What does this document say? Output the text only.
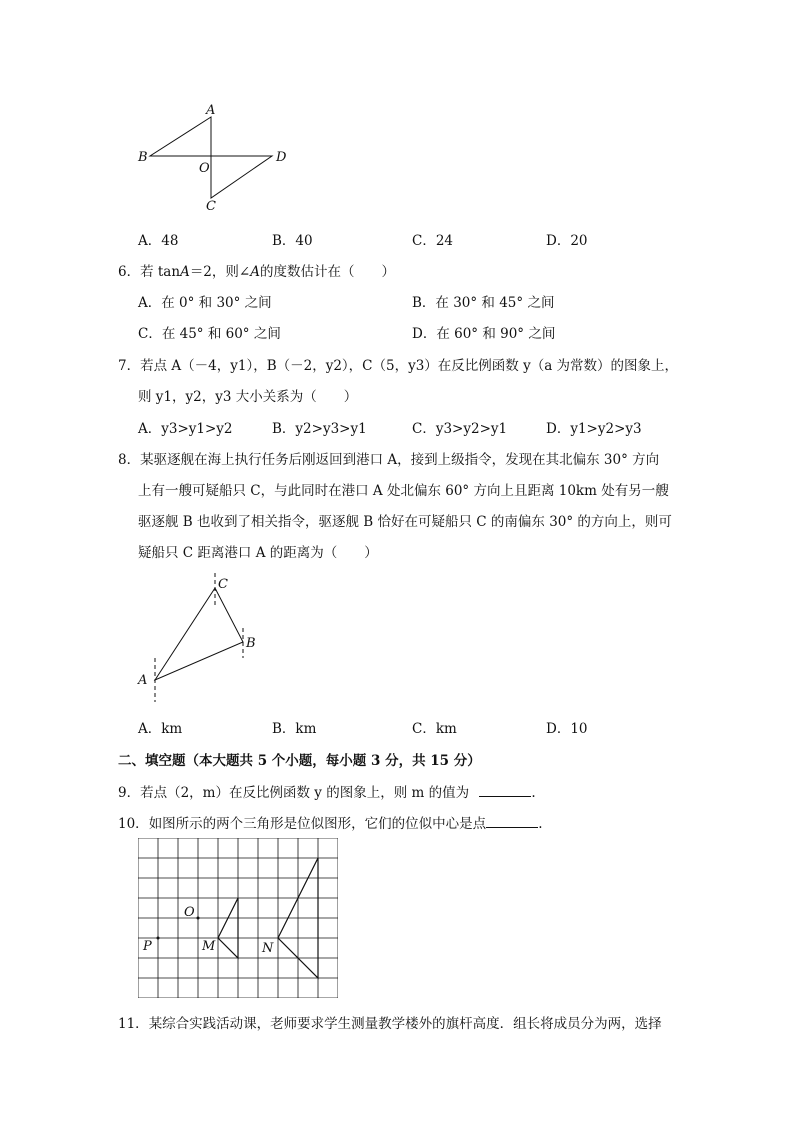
A
B	D
O
C
A．48	B．40	C．24	D．20
6．若 tanA＝2，则∠A的度数估计在（　　）
A．在 0° 和 30° 之间	B．在 30° 和 45° 之间
C．在 45° 和 60° 之间	D．在 60° 和 90° 之间
7．若点 A（－4，y1），B（－2，y2），C（5，y3）在反比例函数 y（a 为常数）的图象上，
则 y1，y2，y3 大小关系为（　　）
A．y3>y1>y2	B．y2>y3>y1	C．y3>y2>y1	D．y1>y2>y3
8．某驱逐舰在海上执行任务后刚返回到港口 A，接到上级指令，发现在其北偏东 30° 方向
上有一艘可疑船只 C，与此同时在港口 A 处北偏东 60° 方向上且距离 10km 处有另一艘
驱逐舰 B 也收到了相关指令，驱逐舰 B 恰好在可疑船只 C 的南偏东 30° 的方向上，则可
疑船只 C 距离港口 A 的距离为（　　）
A
C
B
A．km	B．km	C．km	D．10
二、填空题（本大题共 5 个小题，每小题 3 分，共 15 分）
9．若点（2，m）在反比例函数 y 的图象上，则 m 的值为	.
10．如图所示的两个三角形是位似图形，它们的位似中心是点	.
O
P	M	N
11．某综合实践活动课，老师要求学生测量教学楼外的旗杆高度．组长将成员分为两，选择
